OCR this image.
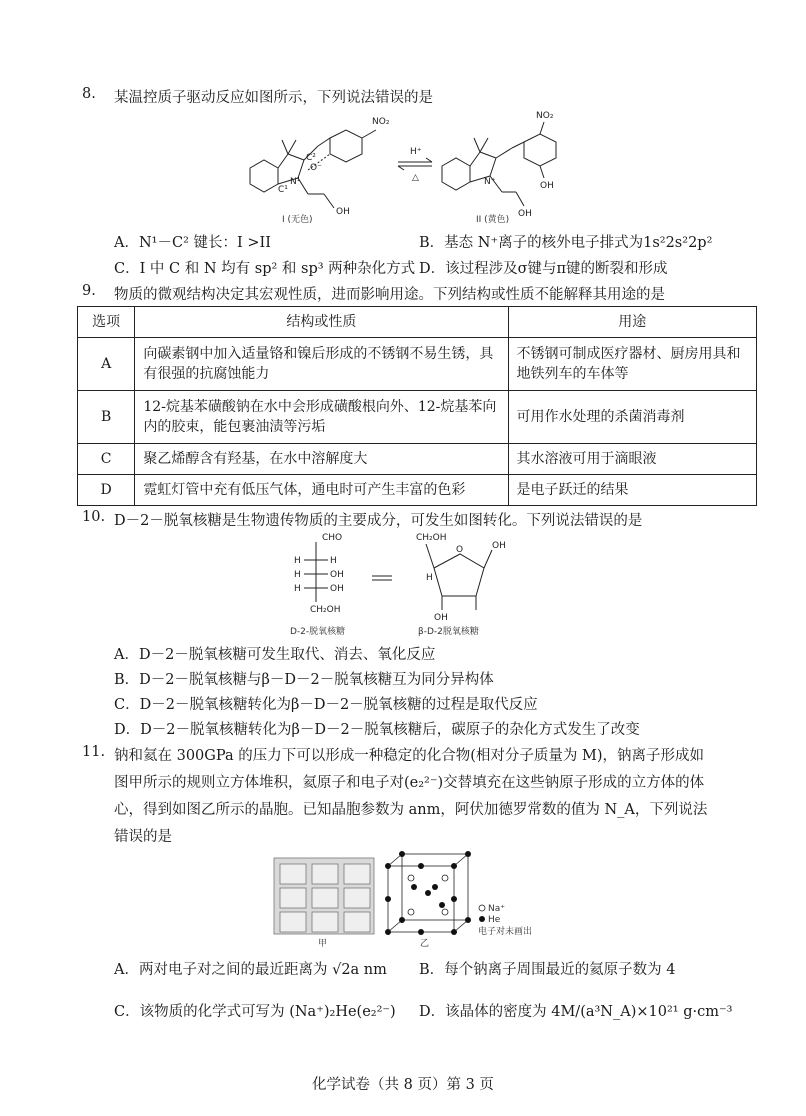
8. 某温控质子驱动反应如图所示，下列说法错误的是
NO₂
C²
O⁻
C¹
N¹
OH
I (无色)
H⁺
△
NO₂
OH
N⁺
OH
II (黄色)
A．N¹－C² 键长：I >II	B．基态 N⁺离子的核外电子排式为1s²2s²2p²
C．I 中 C 和 N 均有 sp² 和 sp³ 两种杂化方式 D．该过程涉及σ键与π键的断裂和形成
9. 物质的微观结构决定其宏观性质，进而影响用途。下列结构或性质不能解释其用途的是
选项	结构或性质	用途
A	向碳素钢中加入适量铬和镍后形成的不锈钢不易生锈，具有很强的抗腐蚀能力	不锈钢可制成医疗器材、厨房用具和地铁列车的车体等
B	12-烷基苯磺酸钠在水中会形成磺酸根向外、12-烷基苯向内的胶束，能包裹油渍等污垢	可用作水处理的杀菌消毒剂
C	聚乙烯醇含有羟基，在水中溶解度大	其水溶液可用于滴眼液
D	霓虹灯管中充有低压气体，通电时可产生丰富的色彩	是电子跃迁的结果
10. D－2－脱氧核糖是生物遗传物质的主要成分，可发生如图转化。下列说法错误的是
CHO
H	H
H	OH
H	OH
CH₂OH
D-2-脱氧核糖
CH₂OH
O	OH
H
OH
β-D-2脱氧核糖
A．D－2－脱氧核糖可发生取代、消去、氧化反应
B．D－2－脱氧核糖与β－D－2－脱氧核糖互为同分异构体
C．D－2－脱氧核糖转化为β－D－2－脱氧核糖的过程是取代反应
D．D－2－脱氧核糖转化为β－D－2－脱氧核糖后，碳原子的杂化方式发生了改变
11. 钠和氦在 300GPa 的压力下可以形成一种稳定的化合物(相对分子质量为 M)，钠离子形成如
图甲所示的规则立方体堆积，氦原子和电子对(e₂²⁻)交替填充在这些钠原子形成的立方体的体
心，得到如图乙所示的晶胞。已知晶胞参数为 anm，阿伏加德罗常数的值为 N_A，下列说法
错误的是
甲
Na⁺
He
电子对未画出
乙
A．两对电子对之间的最近距离为 √2a nm B．每个钠离子周围最近的氦原子数为 4
C．该物质的化学式可写为 (Na⁺)₂He(e₂²⁻) D．该晶体的密度为 4M/(a³N_A)×10²¹ g·cm⁻³
化学试卷（共 8 页）第 3 页
